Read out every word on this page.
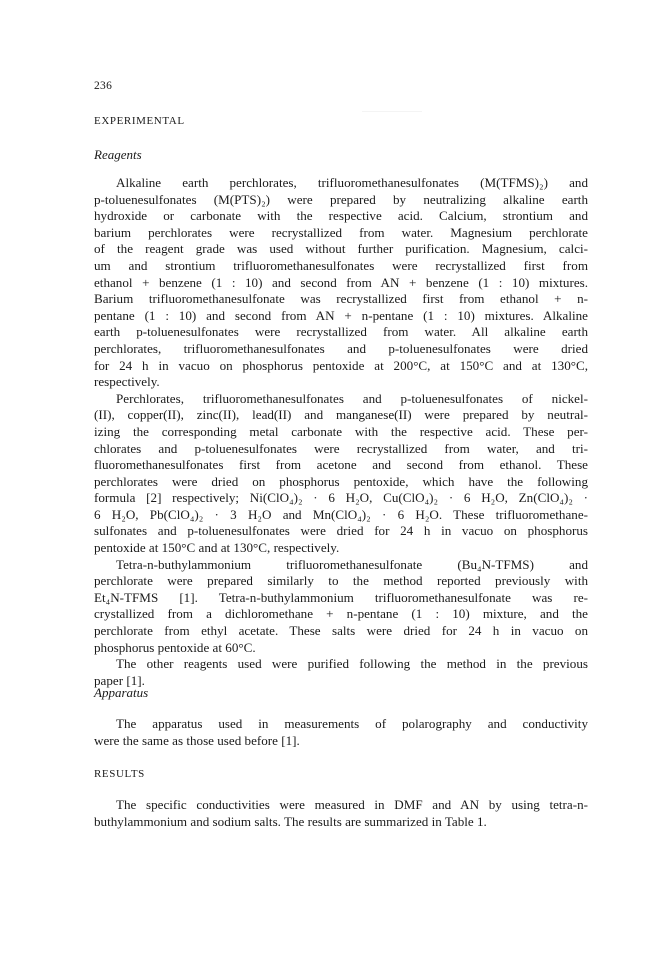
236
EXPERIMENTAL
Reagents
Alkaline earth perchlorates, trifluoromethanesulfonates (M(TFMS)₂) and
p-toluenesulfonates (M(PTS)₂) were prepared by neutralizing alkaline earth
hydroxide or carbonate with the respective acid. Calcium, strontium and
barium perchlorates were recrystallized from water. Magnesium perchlorate
of the reagent grade was used without further purification. Magnesium, calci-
um and strontium trifluoromethanesulfonates were recrystallized first from
ethanol + benzene (1 : 10) and second from AN + benzene (1 : 10) mixtures.
Barium trifluoromethanesulfonate was recrystallized first from ethanol + n-
pentane (1 : 10) and second from AN + n-pentane (1 : 10) mixtures. Alkaline
earth p-toluenesulfonates were recrystallized from water. All alkaline earth
perchlorates, trifluoromethanesulfonates and p-toluenesulfonates were dried
for 24 h in vacuo on phosphorus pentoxide at 200°C, at 150°C and at 130°C,
respectively.
Perchlorates, trifluoromethanesulfonates and p-toluenesulfonates of nickel-
(II), copper(II), zinc(II), lead(II) and manganese(II) were prepared by neutral-
izing the corresponding metal carbonate with the respective acid. These per-
chlorates and p-toluenesulfonates were recrystallized from water, and tri-
fluoromethanesulfonates first from acetone and second from ethanol. These
perchlorates were dried on phosphorus pentoxide, which have the following
formula [2] respectively; Ni(ClO₄)₂ · 6 H₂O, Cu(ClO₄)₂ · 6 H₂O, Zn(ClO₄)₂ ·
6 H₂O, Pb(ClO₄)₂ · 3 H₂O and Mn(ClO₄)₂ · 6 H₂O. These trifluoromethane-
sulfonates and p-toluenesulfonates were dried for 24 h in vacuo on phosphorus
pentoxide at 150°C and at 130°C, respectively.
Tetra-n-buthylammonium trifluoromethanesulfonate (Bu₄N-TFMS) and
perchlorate were prepared similarly to the method reported previously with
Et₄N-TFMS [1]. Tetra-n-buthylammonium trifluoromethanesulfonate was re-
crystallized from a dichloromethane + n-pentane (1 : 10) mixture, and the
perchlorate from ethyl acetate. These salts were dried for 24 h in vacuo on
phosphorus pentoxide at 60°C.
The other reagents used were purified following the method in the previous
paper [1].
Apparatus
The apparatus used in measurements of polarography and conductivity
were the same as those used before [1].
RESULTS
The specific conductivities were measured in DMF and AN by using tetra-n-
buthylammonium and sodium salts. The results are summarized in Table 1.
